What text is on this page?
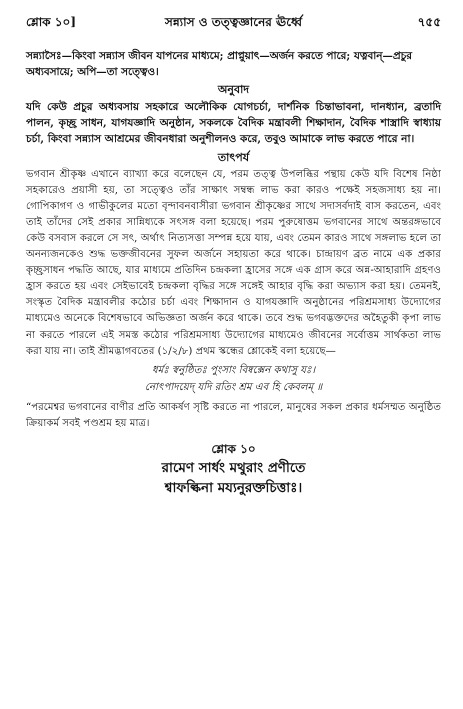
শ্লোক ১০]	সন্ন্যাস ও তত্ত্বজ্ঞানের ঊর্ধ্বে	৭৫৫

সন্ন্যাসৈঃ—কিংবা সন্ন্যাস জীবন যাপনের মাধ্যমে; প্রাপ্নুয়াৎ—অর্জন করতে পারে; যত্নবান্—প্রচুর অধ্যবসায়ে; অপি—তা সত্ত্বেও।

অনুবাদ

যদি কেউ প্রচুর অধ্যবসায় সহকারে অলৌকিক যোগচর্চা, দার্শনিক চিন্তাভাবনা, দানধ্যান, ব্রতাদি পালন, কৃচ্ছ্র সাধন, যাগযজ্ঞাদি অনুষ্ঠান, সকলকে বৈদিক মন্ত্রাবলী শিক্ষাদান, বৈদিক শাস্ত্রাদি স্বাধ্যায় চর্চা, কিংবা সন্ন্যাস আশ্রমের জীবনধারা অনুশীলনও করে, তবুও আমাকে লাভ করতে পারে না।

তাৎপর্য

ভগবান শ্রীকৃষ্ণ এখানে ব্যাখ্যা করে বলেছেন যে, পরম তত্ত্ব উপলব্ধির পন্থায় কেউ যদি বিশেষ নিষ্ঠা সহকারেও প্রয়াসী হয়, তা সত্ত্বেও তাঁর সাক্ষাৎ সম্বন্ধ লাভ করা কারও পক্ষেই সহজসাধ্য হয় না। গোপিকাগণ ও গাভীকুলের মতো বৃন্দাবনবাসীরা ভগবান শ্রীকৃষ্ণের সাথে সদাসর্বদাই বাস করতেন, এবং তাই তাঁদের সেই প্রকার সান্নিধ্যকে সৎসঙ্গ বলা হয়েছে। পরম পুরুষোত্তম ভগবানের সাথে অন্তরঙ্গভাবে কেউ বসবাস করলে সে সৎ, অর্থাৎ নিত্যসত্তা সম্পন্ন হয়ে যায়, এবং তেমন কারও সাথে সঙ্গলাভ হলে তা অনন্যজনকেও শুদ্ধ ভক্তজীবনের সুফল অর্জনে সহায়তা করে থাকে। চান্দ্রায়ণ ব্রত নামে এক প্রকার কৃচ্ছ্রসাধন পদ্ধতি আছে, যার মাধ্যমে প্রতিদিন চন্দ্রকলা হ্রাসের সঙ্গে এক গ্রাস করে অন্ন-আহারাদি গ্রহণও হ্রাস করতে হয় এবং সেইভাবেই চন্দ্রকলা বৃদ্ধির সঙ্গে সঙ্গেই আহার বৃদ্ধি করা অভ্যাস করা হয়। তেমনই, সংস্কৃত বৈদিক মন্ত্রাবলীর কঠোর চর্চা এবং শিক্ষাদান ও যাগযজ্ঞাদি অনুষ্ঠানের পরিশ্রমসাধ্য উদ্যোগের মাধ্যমেও অনেকে বিশেষভাবে অভিজ্ঞতা অর্জন করে থাকে। তবে শুদ্ধ ভগবদ্ভক্তদের অহৈতুকী কৃপা লাভ না করতে পারলে এই সমস্ত কঠোর পরিশ্রমসাধ্য উদ্যোগের মাধ্যমেও জীবনের সর্বোত্তম সার্থকতা লাভ করা যায় না। তাই শ্রীমদ্ভাগবতের (১/২/৮) প্রথম স্কন্ধের শ্লোকেই বলা হয়েছে—

ধর্মঃ স্বনুষ্ঠিতঃ পুংসাং বিষ্বক্সেন কথাসু যঃ।
নোৎপাদয়েদ্ যদি রতিং শ্রম এব হি কেবলম্ ॥

“পরমেশ্বর ভগবানের বাণীর প্রতি আকর্ষণ সৃষ্টি করতে না পারলে, মানুষের সকল প্রকার ধর্মসম্মত অনুষ্ঠিত ক্রিয়াকর্ম সবই পণ্ডশ্রম হয় মাত্র।

শ্লোক ১০
রামেণ সার্ধং মথুরাং প্রণীতে
শ্বাফল্কিনা ময্যনুরক্তচিত্তাঃ।
